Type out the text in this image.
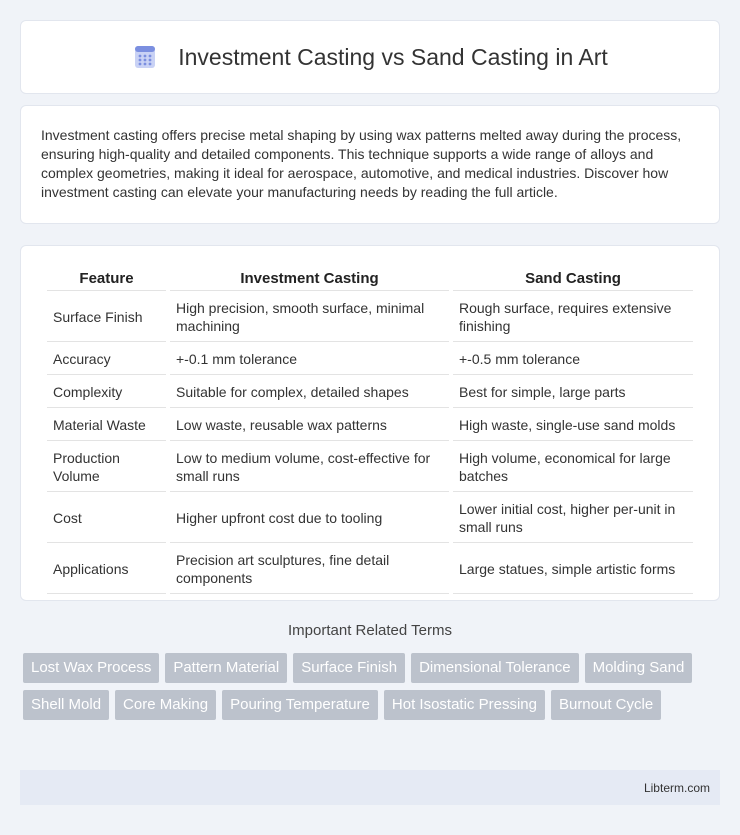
Investment Casting vs Sand Casting in Art

Investment casting offers precise metal shaping by using wax patterns melted away during the process, ensuring high-quality and detailed components. This technique supports a wide range of alloys and complex geometries, making it ideal for aerospace, automotive, and medical industries. Discover how investment casting can elevate your manufacturing needs by reading the full article.

Feature	Investment Casting	Sand Casting
Surface Finish	High precision, smooth surface, minimal machining	Rough surface, requires extensive finishing
Accuracy	+-0.1 mm tolerance	+-0.5 mm tolerance
Complexity	Suitable for complex, detailed shapes	Best for simple, large parts
Material Waste	Low waste, reusable wax patterns	High waste, single-use sand molds
Production Volume	Low to medium volume, cost-effective for small runs	High volume, economical for large batches
Cost	Higher upfront cost due to tooling	Lower initial cost, higher per-unit in small runs
Applications	Precision art sculptures, fine detail components	Large statues, simple artistic forms
Important Related Terms
Lost Wax Process	Pattern Material	Surface Finish	Dimensional Tolerance	Molding Sand
Shell Mold	Core Making	Pouring Temperature	Hot Isostatic Pressing	Burnout Cycle
Libterm.com
